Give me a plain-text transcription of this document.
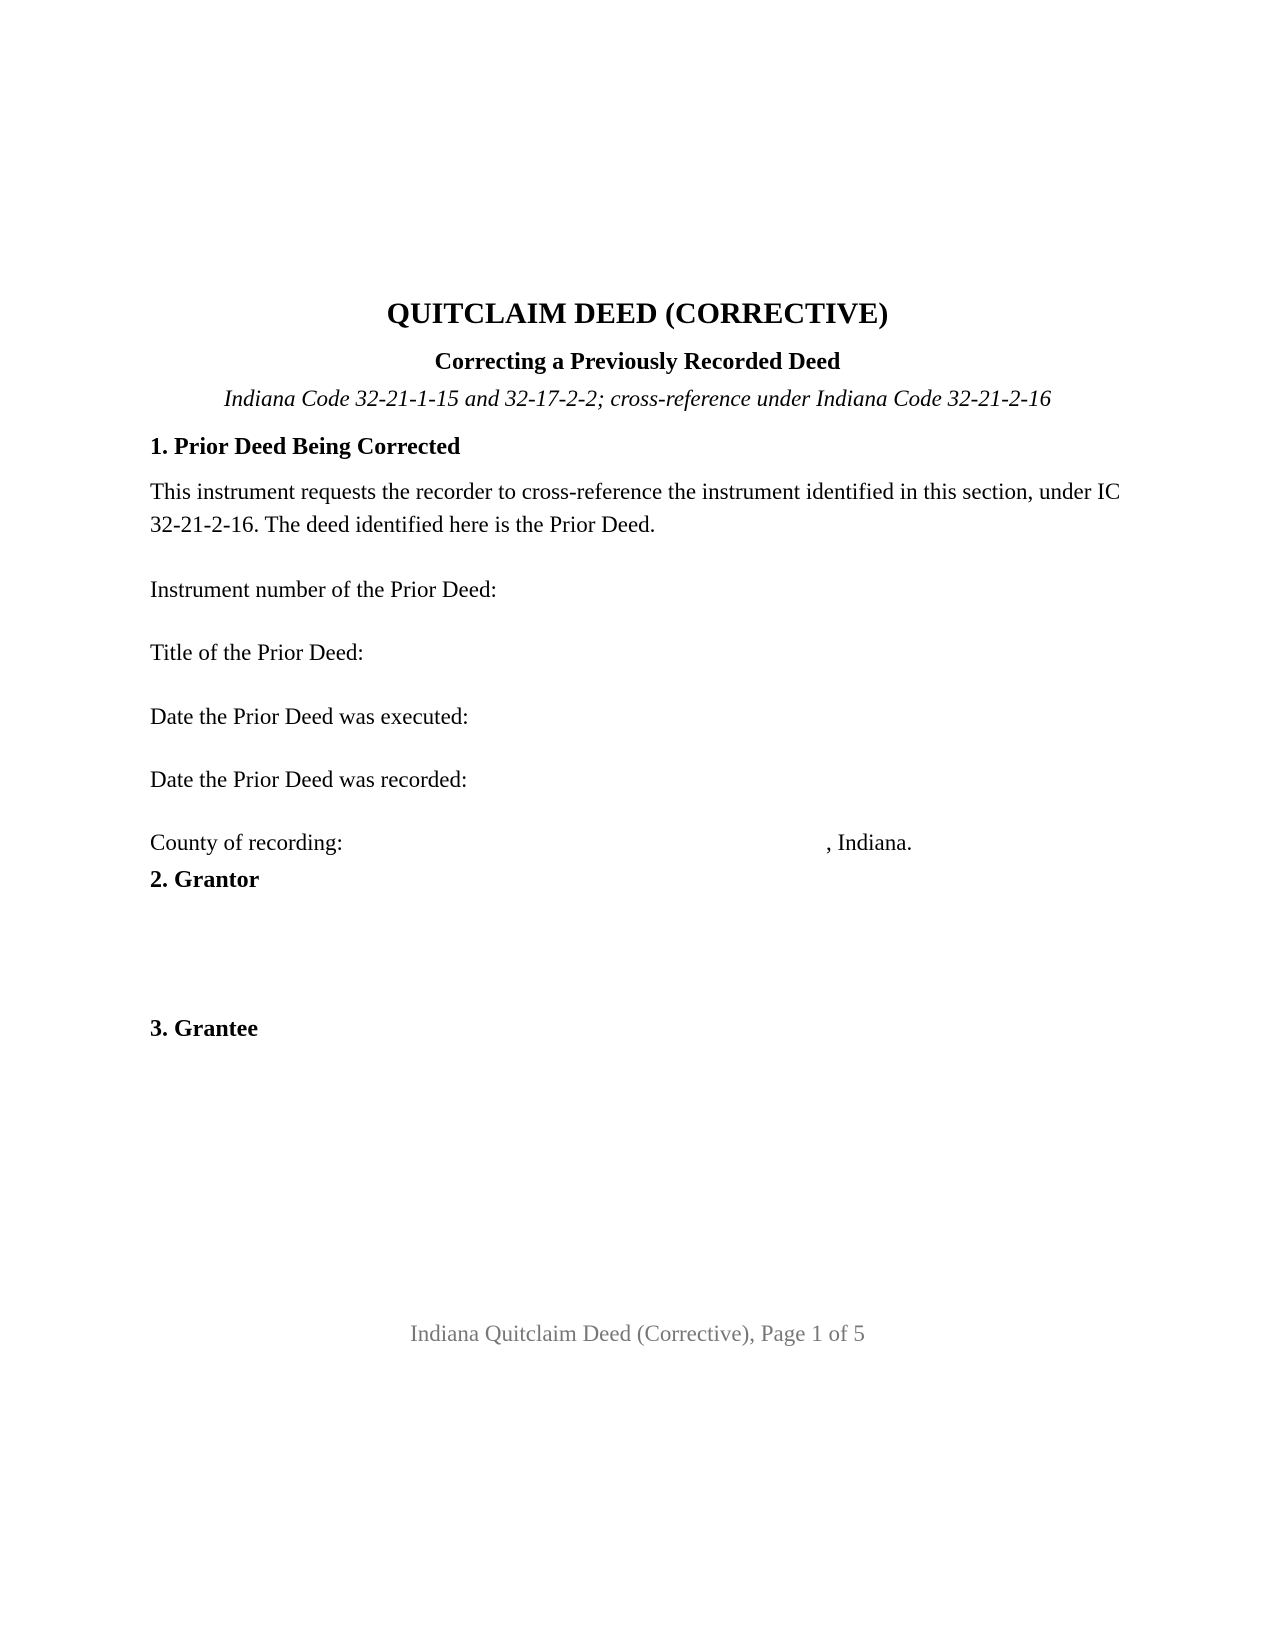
QUITCLAIM DEED (CORRECTIVE)
Correcting a Previously Recorded Deed
Indiana Code 32-21-1-15 and 32-17-2-2; cross-reference under Indiana Code 32-21-2-16
1. Prior Deed Being Corrected

This instrument requests the recorder to cross-reference the instrument identified in this section, under IC 32-21-2-16. The deed identified here is the Prior Deed.

Instrument number of the Prior Deed:
Title of the Prior Deed:
Date the Prior Deed was executed:
Date the Prior Deed was recorded:
County of recording:	, Indiana.
2. Grantor
3. Grantee
Indiana Quitclaim Deed (Corrective), Page 1 of 5
